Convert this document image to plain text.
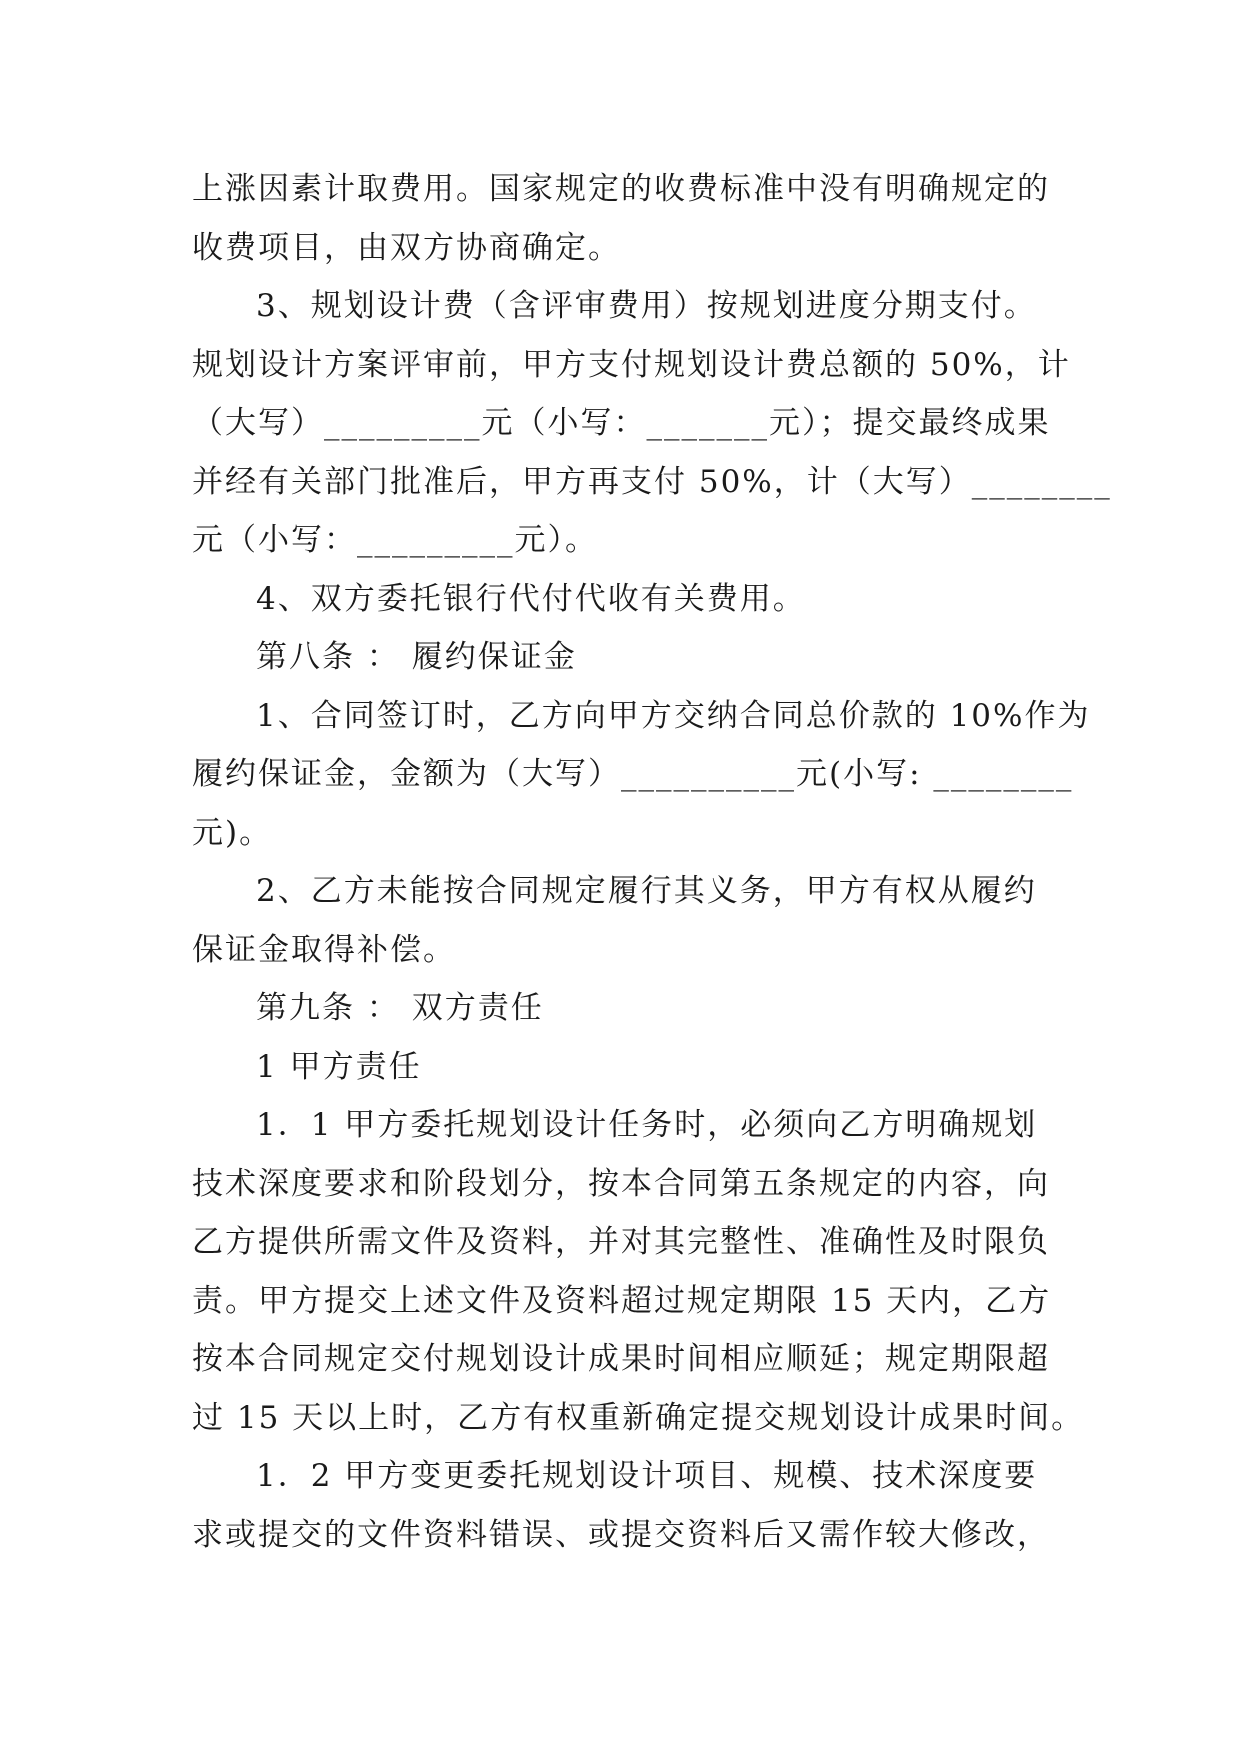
上涨因素计取费用。国家规定的收费标准中没有明确规定的
收费项目，由双方协商确定。
3、规划设计费（含评审费用）按规划进度分期支付。
规划设计方案评审前，甲方支付规划设计费总额的 50%，计
（大写）_________元（小写：_______元）；提交最终成果
并经有关部门批准后，甲方再支付 50%，计（大写）________
元（小写：_________元）。
4、双方委托银行代付代收有关费用。
第八条 ： 履约保证金
1、合同签订时，乙方向甲方交纳合同总价款的 10%作为
履约保证金，金额为（大写）__________元(小写: ________
元)。
2、乙方未能按合同规定履行其义务，甲方有权从履约
保证金取得补偿。
第九条 ： 双方责任
1 甲方责任
1．1 甲方委托规划设计任务时，必须向乙方明确规划
技术深度要求和阶段划分，按本合同第五条规定的内容，向
乙方提供所需文件及资料，并对其完整性、准确性及时限负
责。甲方提交上述文件及资料超过规定期限 15 天内，乙方
按本合同规定交付规划设计成果时间相应顺延；规定期限超
过 15 天以上时，乙方有权重新确定提交规划设计成果时间。
1．2 甲方变更委托规划设计项目、规模、技术深度要
求或提交的文件资料错误、或提交资料后又需作较大修改，
